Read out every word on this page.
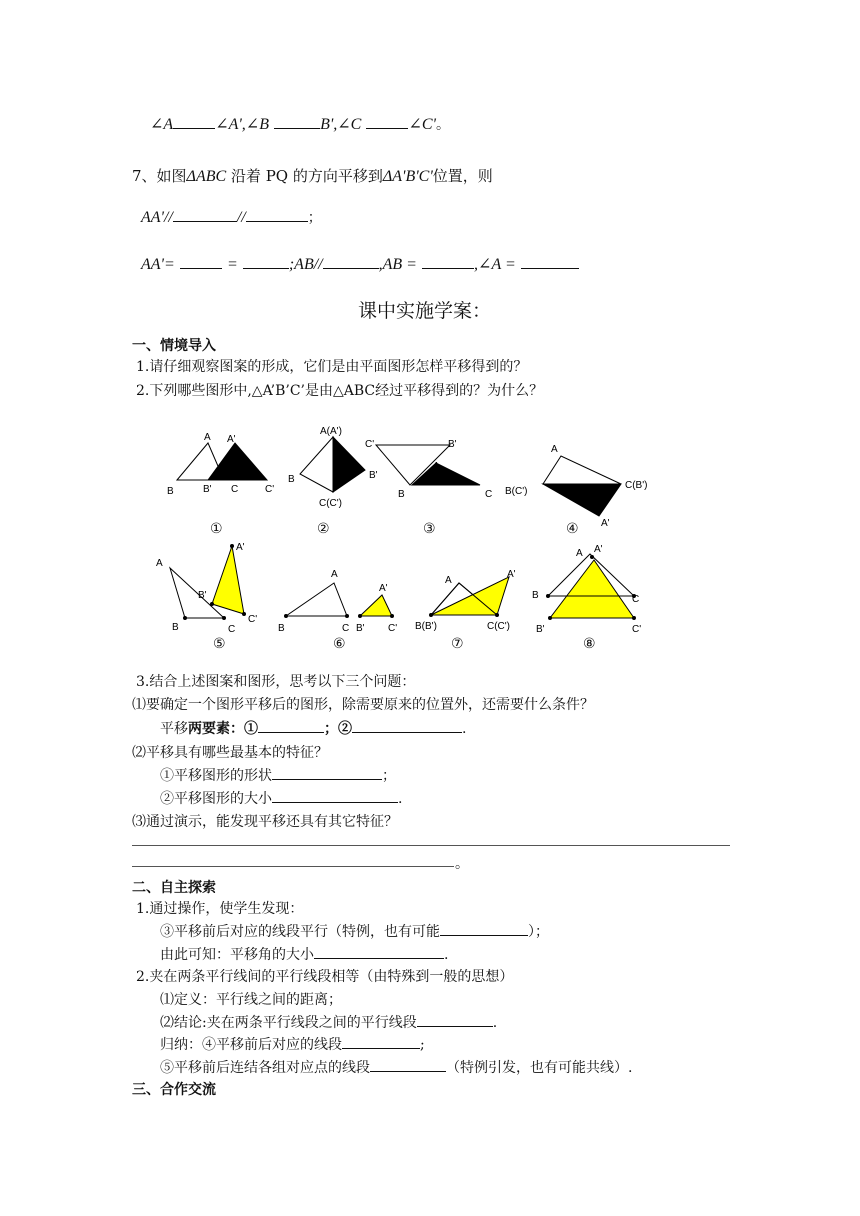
∠A	∠A',∠B	B',∠C	∠C'。
7、如图ΔABC 沿着 PQ 的方向平移到ΔA'B'C'位置，则
AA'//	//	；
AA'=	=	;AB//	,AB =	,∠A =
课中实施学案：
一、情境导入
1.请仔细观察图案的形成，它们是由平面图形怎样平移得到的？
2.下列哪些图形中,△A’B’C’是由△ABC经过平移得到的？为什么？
A A'
B	B' C	C'
A(A')
B	B'
C(C')
C'	B'
A
B	C
A
B(C')
C(B')
A'
①	②	③	④
A
A'
B'
B	C
C'
A
A'
B	C B' C'
A
A'
B(B')	C(C')
A A'
B	C
B'	C'
⑤	⑥	⑦	⑧
3.结合上述图案和图形，思考以下三个问题：
⑴要确定一个图形平移后的图形，除需要原来的位置外，还需要什么条件？
平移两要素：①	；②	.
⑵平移具有哪些最基本的特征？
①平移图形的形状	；
②平移图形的大小	.
⑶通过演示，能发现平移还具有其它特征？
。
二、自主探索
1.通过操作，使学生发现：
③平移前后对应的线段平行（特例，也有可能	）；
由此可知：平移角的大小	.
2.夹在两条平行线间的平行线段相等（由特殊到一般的思想）
⑴定义：平行线之间的距离；
⑵结论:夹在两条平行线段之间的平行线段	.
归纳：④平移前后对应的线段	;
⑤平移前后连结各组对应点的线段	（特例引发，也有可能共线）.
三、合作交流
